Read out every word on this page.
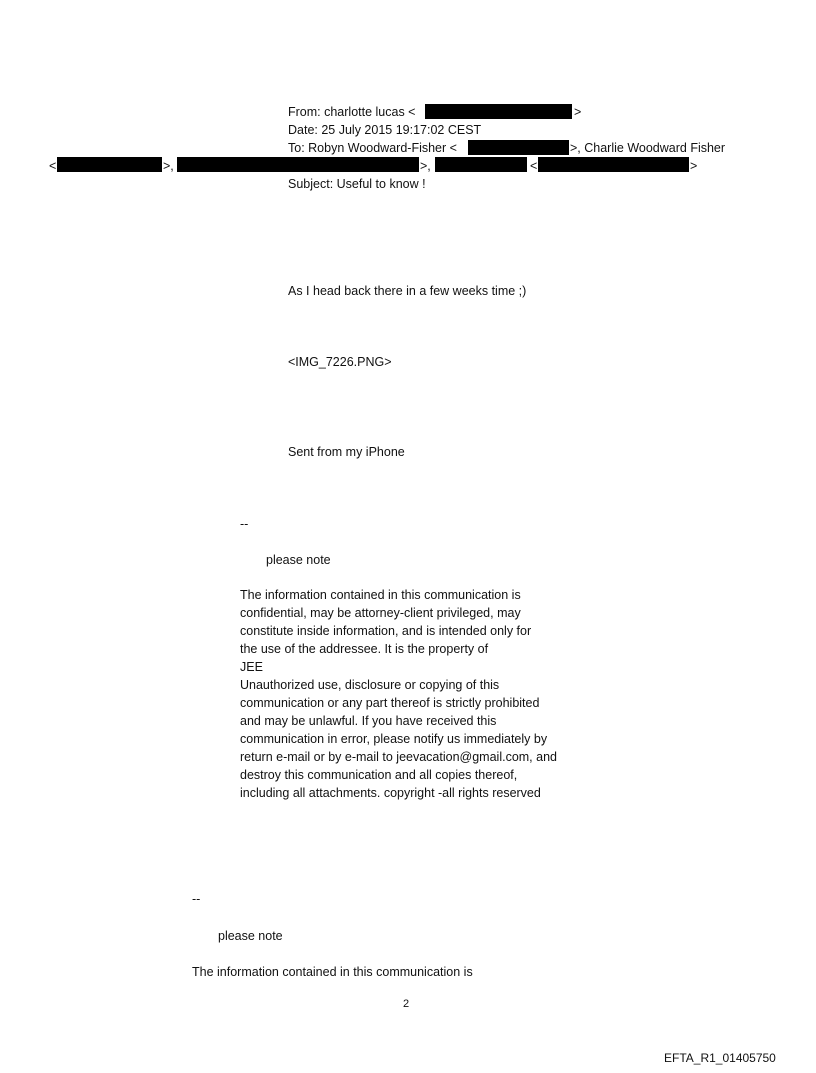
From: charlotte lucas <	>
Date: 25 July 2015 19:17:02 CEST
To: Robyn Woodward-Fisher <	>, Charlie Woodward Fisher
<	>,	>,	<	>
Subject: Useful to know !
As I head back there in a few weeks time ;)
<IMG_7226.PNG>
Sent from my iPhone
--
please note
The information contained in this communication is
confidential, may be attorney-client privileged, may
constitute inside information, and is intended only for
the use of the addressee. It is the property of
JEE
Unauthorized use, disclosure or copying of this
communication or any part thereof is strictly prohibited
and may be unlawful. If you have received this
communication in error, please notify us immediately by
return e-mail or by e-mail to jeevacation@gmail.com, and
destroy this communication and all copies thereof,
including all attachments. copyright -all rights reserved
--
please note
The information contained in this communication is
2
EFTA_R1_01405750
